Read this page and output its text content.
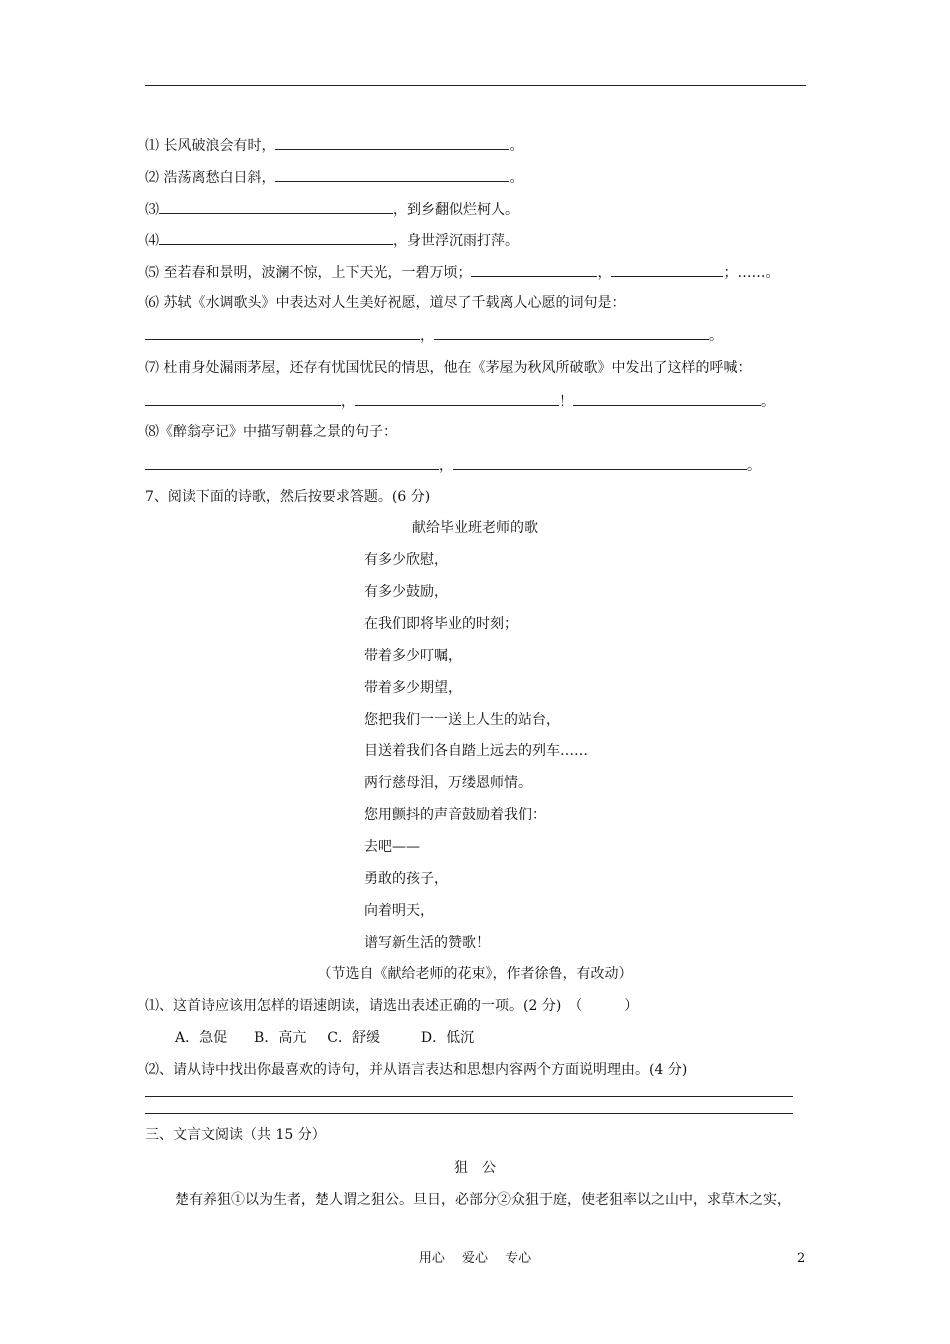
⑴ 长风破浪会有时，	。
⑵ 浩荡离愁白日斜，	。
⑶	，到乡翻似烂柯人。
⑷	，身世浮沉雨打萍。
⑸ 至若春和景明，波澜不惊，上下天光，一碧万顷；	，	；……。
⑹ 苏轼《水调歌头》中表达对人生美好祝愿，道尽了千载离人心愿的词句是：
，	。
⑺ 杜甫身处漏雨茅屋，还存有忧国忧民的情思，他在《茅屋为秋风所破歌》中发出了这样的呼喊：
，	！	。
⑻《醉翁亭记》中描写朝暮之景的句子：
，	。
7、阅读下面的诗歌，然后按要求答题。(6 分)
献给毕业班老师的歌
有多少欣慰，
有多少鼓励，
在我们即将毕业的时刻；
带着多少叮嘱，
带着多少期望，
您把我们一一送上人生的站台，
目送着我们各自踏上远去的列车……
两行慈母泪，万缕恩师情。
您用颤抖的声音鼓励着我们：
去吧——
勇敢的孩子，
向着明天，
谱写新生活的赞歌！
（节选自《献给老师的花束》，作者徐鲁，有改动）
⑴、这首诗应该用怎样的语速朗读，请选出表述正确的一项。(2 分)　（　　　）
A．急促 B．高亢 C．舒缓	D．低沉
⑵、请从诗中找出你最喜欢的诗句，并从语言表达和思想内容两个方面说明理由。(4 分)
三、文言文阅读（共 15 分）
狙　公
楚有养狙①以为生者，楚人谓之狙公。旦日，必部分②众狙于庭，使老狙率以之山中，求草木之实，
用心　 爱心　 专心	2
